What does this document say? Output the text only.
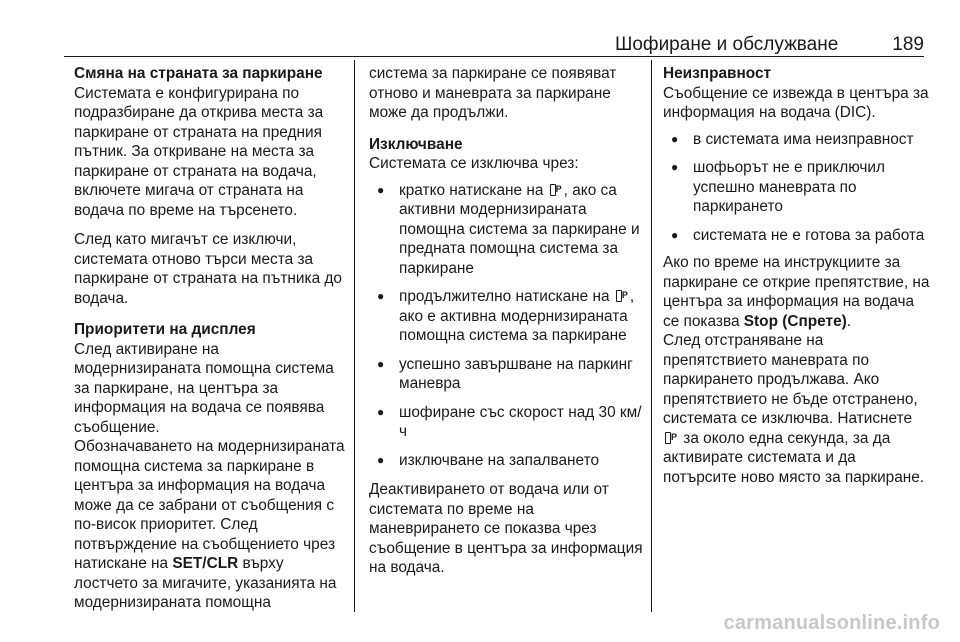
Шофиране и обслужване	189
Смяна на страната за паркиране

Системата е конфигурирана по подразбиране да открива места за паркиране от страната на предния пътник. За откриване на места за паркиране от страната на водача, включете мигача от страната на водача по време на търсенето.

След като мигачът се изключи, системата отново търси места за паркиране от страната на пътника до водача.

Приоритети на дисплея

След активиране на модернизираната помощна система за паркиране, на центъра за информация на водача се появява съобщение.

Обозначаването на модернизираната помощна система за паркиране в центъра за информация на водача може да се забрани от съобщения с по-висок приоритет. След потвърждение на съобщението чрез натискане на SET/CLR върху лостчето за мигачите, указанията на модернизираната помощна

система за паркиране се появяват отново и маневрата за паркиране може да продължи.

Изключване

Системата се изключва чрез:

● кратко натискане на P, ако са активни модернизираната помощна система за паркиране и предната помощна система за паркиране
● продължително натискане на P, ако е активна модернизираната помощна система за паркиране
● успешно завършване на паркинг маневра
● шофиране със скорост над 30 км/ч
● изключване на запалването

Деактивирането от водача или от системата по време на маневрирането се показва чрез съобщение в центъра за информация на водача.

Неизправност

Съобщение се извежда в центъра за информация на водача (DIC).

● в системата има неизправност
● шофьорът не е приключил успешно маневрата по паркирането
● системата не е готова за работа

Ако по време на инструкциите за паркиране се открие препятствие, на центъра за информация на водача се показва Stop (Спрете).

След отстраняване на препятствието маневрата по паркирането продължава. Ако препятствието не бъде отстранено, системата се изключва. Натиснете P за около една секунда, за да активирате системата и да потърсите ново място за паркиране.

carmanualsonline.info
